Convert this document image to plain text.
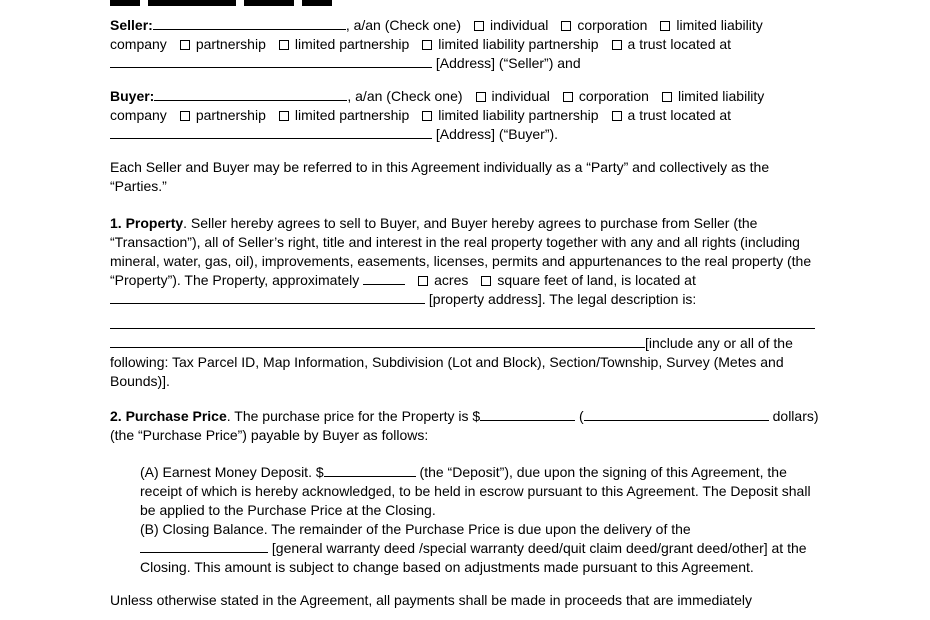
Seller:	, a/an (Check one) individual corporation limited liability company partnership limited partnership limited liability partnership a trust located at  [Address] (“Seller”) and

Buyer:	, a/an (Check one) individual corporation limited liability company partnership limited partnership limited liability partnership a trust located at  [Address] (“Buyer”).

Each Seller and Buyer may be referred to in this Agreement individually as a “Party” and collectively as the “Parties.”

1. Property. Seller hereby agrees to sell to Buyer, and Buyer hereby agrees to purchase from Seller (the “Transaction”), all of Seller’s right, title and interest in the real property together with any and all rights (including mineral, water, gas, oil), improvements, easements, licenses, permits and appurtenances to the real property (the “Property”). The Property, approximately	acres square feet of land, is located at  [property address]. The legal description is:

[include any or all of the following: Tax Parcel ID, Map Information, Subdivision (Lot and Block), Section/Township, Survey (Metes and Bounds)].

2. Purchase Price. The purchase price for the Property is $	(	dollars) (the “Purchase Price”) payable by Buyer as follows:

(A) Earnest Money Deposit. $	(the “Deposit”), due upon the signing of this Agreement, the receipt of which is hereby acknowledged, to be held in escrow pursuant to this Agreement. The Deposit shall be applied to the Purchase Price at the Closing.

(B) Closing Balance. The remainder of the Purchase Price is due upon the delivery of the  [general warranty deed /special warranty deed/quit claim deed/grant deed/other] at the Closing. This amount is subject to change based on adjustments made pursuant to this Agreement.

Unless otherwise stated in the Agreement, all payments shall be made in proceeds that are immediately
